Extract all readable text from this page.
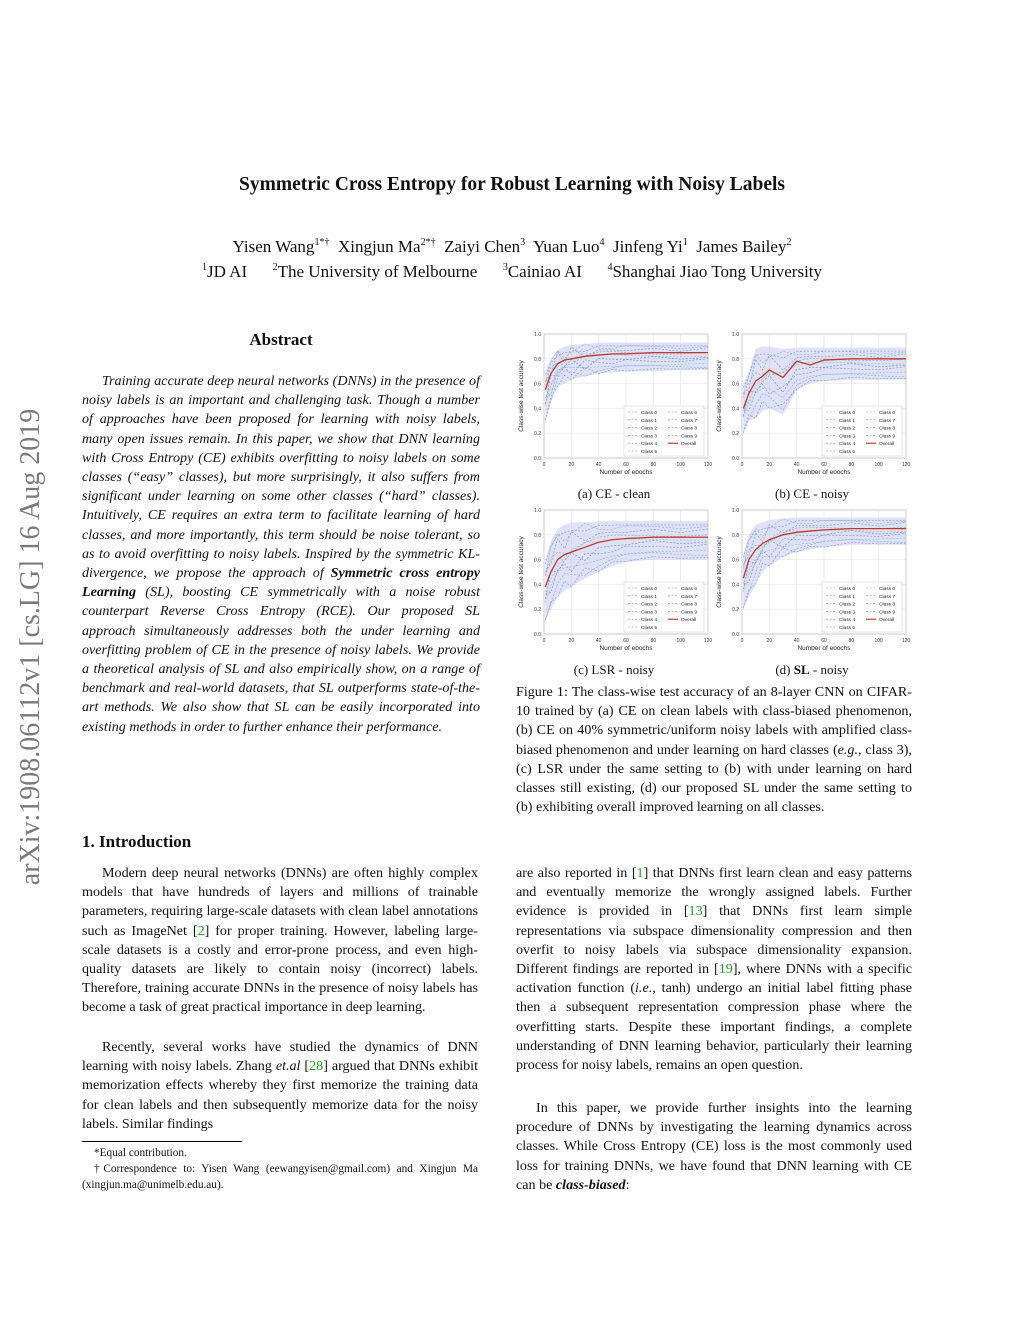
Symmetric Cross Entropy for Robust Learning with Noisy Labels
Yisen Wang$^{1*\dagger}$ Xingjun $Ma^{2*\dagger}$ Zaiyi Chen$^3$ Yuan Luo$^4$ Jinfeng Yi$^1$ James Bailey$^2$
$^1$JD AI	$^2$The University of Melbourne	$^3$Cainiao AI	$^4$Shanghai Jiao Tong University
arXiv:1908.06112v1 [cs.LG] 16 Aug 2019
Abstract
Training accurate deep neural networks (DNNs) in the presence of noisy labels is an important and challenging task. Though a number of approaches have been proposed for learning with noisy labels, many open issues remain. In this paper, we show that DNN learning with Cross Entropy (CE) exhibits overfitting to noisy labels on some classes (“easy” classes), but more surprisingly, it also suffers from significant under learning on some other classes (“hard” classes). Intuitively, CE requires an extra term to facilitate learning of hard classes, and more importantly, this term should be noise tolerant, so as to avoid overfitting to noisy labels. Inspired by the symmetric KL-divergence, we propose the approach of Symmetric cross entropy Learning (SL), boosting CE symmetrically with a noise robust counterpart Reverse Cross Entropy (RCE). Our proposed SL approach simultaneously addresses both the under learning and overfitting problem of CE in the presence of noisy labels. We provide a theoretical analysis of SL and also empirically show, on a range of benchmark and real-world datasets, that SL outperforms state-of-the-art methods. We also show that SL can be easily incorporated into existing methods in order to further enhance their performance.
1. Introduction
Modern deep neural networks (DNNs) are often highly complex models that have hundreds of layers and millions of trainable parameters, requiring large-scale datasets with clean label annotations such as ImageNet [2] for proper training. However, labeling large-scale datasets is a costly and error-prone process, and even high-quality datasets are likely to contain noisy (incorrect) labels. Therefore, training accurate DNNs in the presence of noisy labels has become a task of great practical importance in deep learning.
Recently, several works have studied the dynamics of DNN learning with noisy labels. Zhang et.al [28] argued that DNNs exhibit memorization effects whereby they first memorize the training data for clean labels and then subsequently memorize data for the noisy labels. Similar findings
*Equal contribution.
†Correspondence to: Yisen Wang (eewangyisen@gmail.com) and Xingjun Ma (xingjun.ma@unimelb.edu.au).
0.0
0.2
0.4
0.6
0.8
1.0
0	20	40	60	80	100	120
Number of epochs
Class-wise test accuracy	Class 0
Class 1
Class 2
Class 3
Class 4
Class 5
Class 6
Class 7
Class 8
Class 9
Overall
0.0
0.2
0.4
0.6
0.8
1.0
0	20	40	60	80	100	120
Number of epochs
Class-wise test accuracy	Class 0
Class 1
Class 2
Class 3
Class 4
Class 5
Class 6
Class 7
Class 8
Class 9
Overall
0.0
0.2
0.4
0.6
0.8
1.0
0	20	40	60	80	100	120
Number of epochs
Class-wise test accuracy	Class 0
Class 1
Class 2
Class 3
Class 4
Class 5
Class 6
Class 7
Class 8
Class 9
Overall
0.0
0.2
0.4
0.6
0.8
1.0
0	20	40	60	80	100	120
Number of epochs
Class-wise test accuracy	Class 0
Class 1
Class 2
Class 3
Class 4
Class 5
Class 6
Class 7
Class 8
Class 9
Overall
(a) CE - clean	(b) CE - noisy
(c) LSR - noisy	(d) SL - noisy
Figure 1: The class-wise test accuracy of an 8-layer CNN on CIFAR-10 trained by (a) CE on clean labels with class-biased phenomenon, (b) CE on 40% symmetric/uniform noisy labels with amplified class-biased phenomenon and under learning on hard classes (e.g., class 3), (c) LSR under the same setting to (b) with under learning on hard classes still existing, (d) our proposed SL under the same setting to (b) exhibiting overall improved learning on all classes.
are also reported in [1] that DNNs first learn clean and easy patterns and eventually memorize the wrongly assigned labels. Further evidence is provided in [13] that DNNs first learn simple representations via subspace dimensionality compression and then overfit to noisy labels via subspace dimensionality expansion. Different findings are reported in [19], where DNNs with a specific activation function (i.e., tanh) undergo an initial label fitting phase then a subsequent representation compression phase where the overfitting starts. Despite these important findings, a complete understanding of DNN learning behavior, particularly their learning process for noisy labels, remains an open question.
In this paper, we provide further insights into the learning procedure of DNNs by investigating the learning dynamics across classes. While Cross Entropy (CE) loss is the most commonly used loss for training DNNs, we have found that DNN learning with CE can be class-biased:
